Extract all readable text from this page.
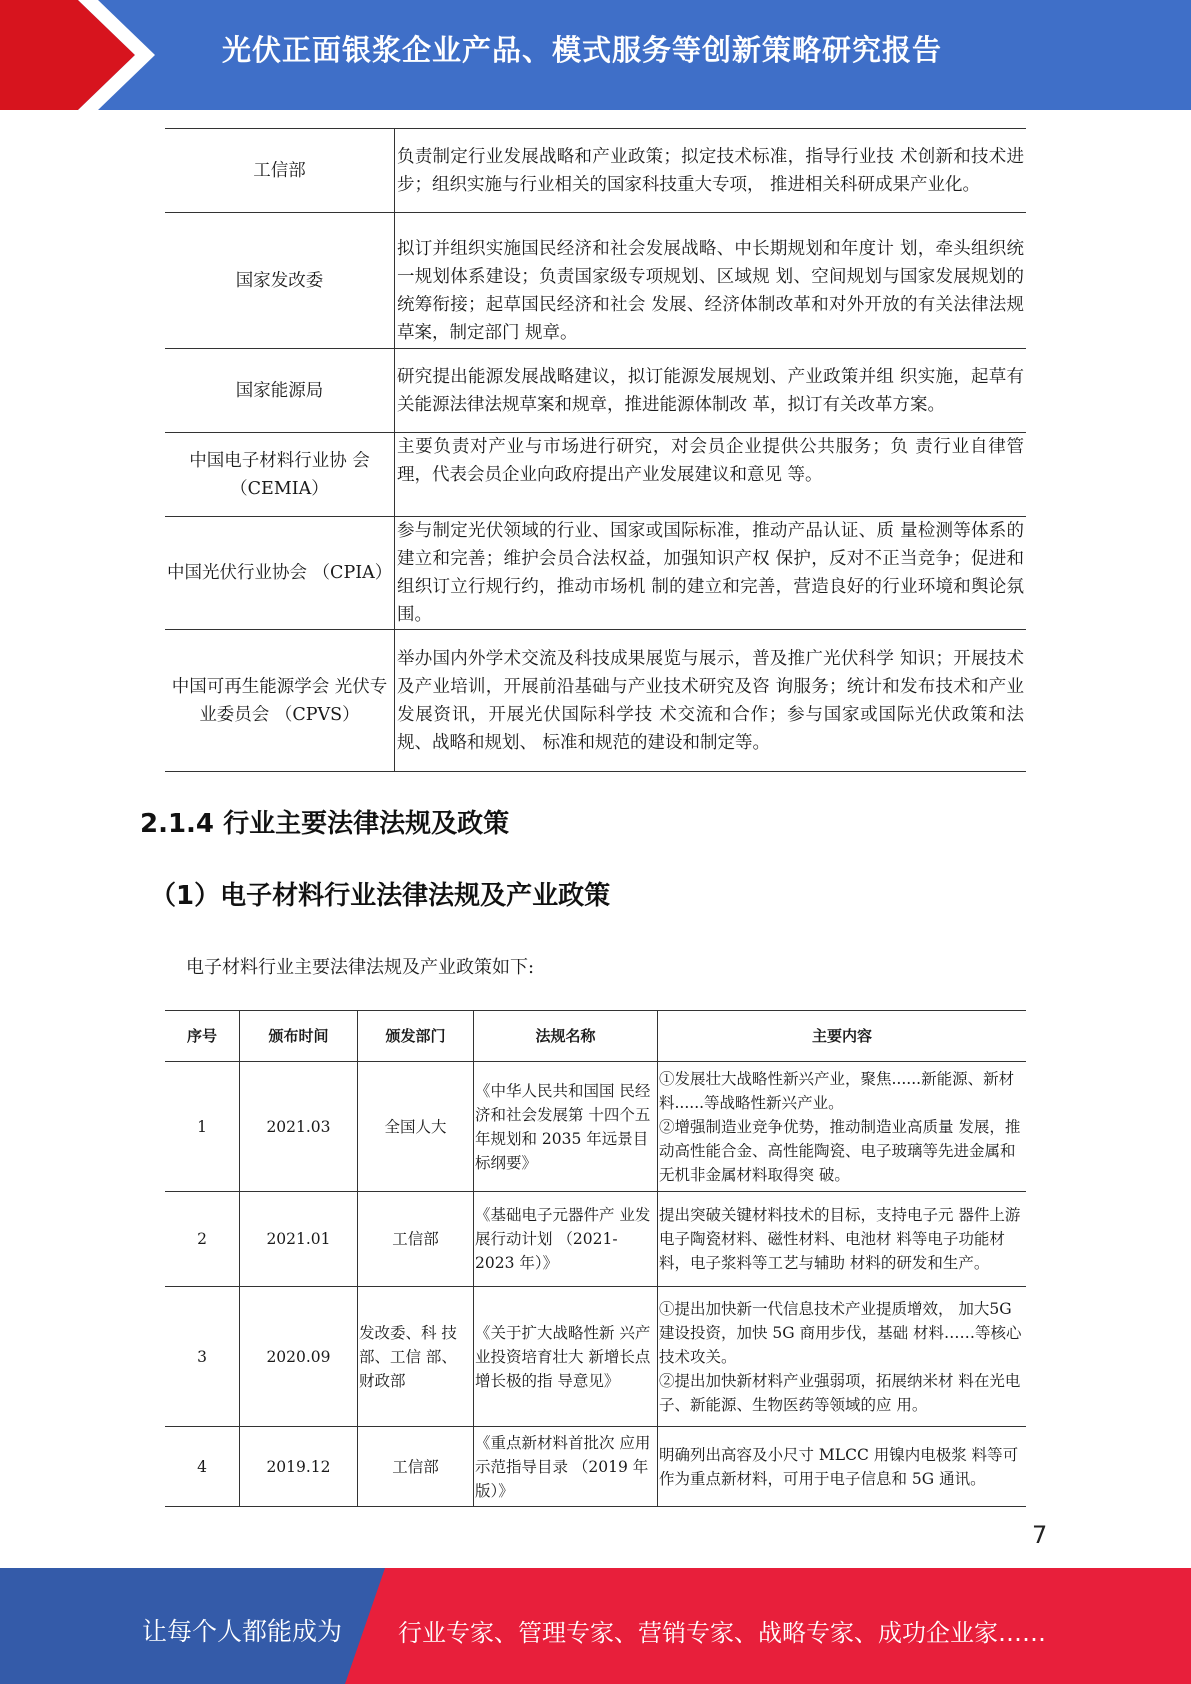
光伏正面银浆企业产品、模式服务等创新策略研究报告
工信部	负责制定行业发展战略和产业政策；拟定技术标准，指导行业技 术创新和技术进步；组织实施与行业相关的国家科技重大专项， 推进相关科研成果产业化。
国家发改委	拟订并组织实施国民经济和社会发展战略、中长期规划和年度计 划，牵头组织统一规划体系建设；负责国家级专项规划、区域规 划、空间规划与国家发展规划的统筹衔接；起草国民经济和社会 发展、经济体制改革和对外开放的有关法律法规草案，制定部门 规章。
国家能源局	研究提出能源发展战略建议，拟订能源发展规划、产业政策并组 织实施，起草有关能源法律法规草案和规章，推进能源体制改 革，拟订有关改革方案。
中国电子材料行业协 会（CEMIA）	主要负责对产业与市场进行研究，对会员企业提供公共服务；负 责行业自律管理，代表会员企业向政府提出产业发展建议和意见 等。
中国光伏行业协会 （CPIA）	参与制定光伏领域的行业、国家或国际标准，推动产品认证、质 量检测等体系的建立和完善；维护会员合法权益，加强知识产权 保护，反对不正当竞争；促进和组织订立行规行约，推动市场机 制的建立和完善，营造良好的行业环境和舆论氛围。
中国可再生能源学会 光伏专业委员会 （CPVS）	举办国内外学术交流及科技成果展览与展示，普及推广光伏科学 知识；开展技术及产业培训，开展前沿基础与产业技术研究及咨 询服务；统计和发布技术和产业发展资讯，开展光伏国际科学技 术交流和合作；参与国家或国际光伏政策和法规、战略和规划、 标准和规范的建设和制定等。
2.1.4 行业主要法律法规及政策
（1）电子材料行业法律法规及产业政策
电子材料行业主要法律法规及产业政策如下:
序号	颁布时间	颁发部门	法规名称	主要内容
1	2021.03	全国人大	《中华人民共和国国 民经济和社会发展第 十四个五年规划和 2035 年远景目标纲要》	①发展壮大战略性新兴产业，聚焦......新能源、新材料......等战略性新兴产业。
②增强制造业竞争优势，推动制造业高质量 发展，推动高性能合金、高性能陶瓷、电子玻璃等先进金属和无机非金属材料取得突 破。
2	2021.01	工信部	《基础电子元器件产 业发展行动计划 （2021-2023 年）》	提出突破关键材料技术的目标，支持电子元 器件上游电子陶瓷材料、磁性材料、电池材 料等电子功能材料，电子浆料等工艺与辅助 材料的研发和生产。
3	2020.09	发改委、科 技部、工信 部、财政部	《关于扩大战略性新 兴产业投资培育壮大 新增长点增长极的指 导意见》	①提出加快新一代信息技术产业提质增效， 加大5G 建设投资，加快 5G 商用步伐，基础 材料……等核心技术攻关。
②提出加快新材料产业强弱项，拓展纳米材 料在光电子、新能源、生物医药等领域的应 用。
4	2019.12	工信部	《重点新材料首批次 应用示范指导目录 （2019 年版）》	明确列出高容及小尺寸 MLCC 用镍内电极浆 料等可作为重点新材料，可用于电子信息和 5G 通讯。
7
让每个人都能成为 行业专家、管理专家、营销专家、战略专家、成功企业家……
